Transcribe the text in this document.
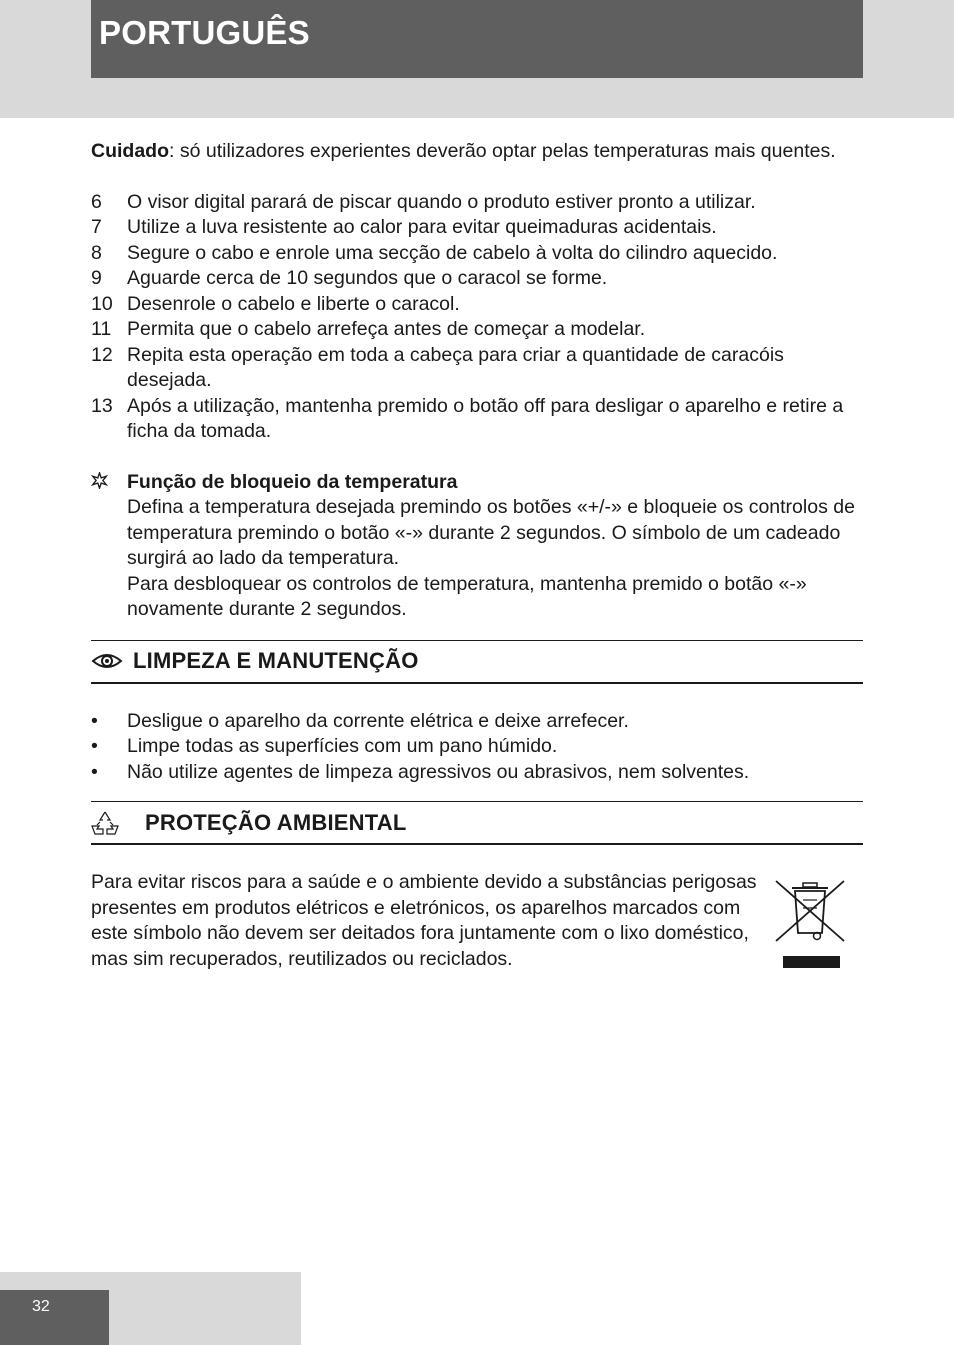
PORTUGUÊS

Cuidado: só utilizadores experientes deverão optar pelas temperaturas mais quentes.

6	O visor digital parará de piscar quando o produto estiver pronto a utilizar.
7	Utilize a luva resistente ao calor para evitar queimaduras acidentais.
8	Segure o cabo e enrole uma secção de cabelo à volta do cilindro aquecido.
9	Aguarde cerca de 10 segundos que o caracol se forme.
10 Desenrole o cabelo e liberte o caracol.
11 Permita que o cabelo arrefeça antes de começar a modelar.
12 Repita esta operação em toda a cabeça para criar a quantidade de caracóis desejada.
13 Após a utilização, mantenha premido o botão off para desligar o aparelho e retire a ficha da tomada.
Função de bloqueio da temperatura
Defina a temperatura desejada premindo os botões «+/-» e bloqueie os controlos de temperatura premindo o botão «-» durante 2 segundos. O símbolo de um cadeado surgirá ao lado da temperatura.
Para desbloquear os controlos de temperatura, mantenha premido o botão «-» novamente durante 2 segundos.
LIMPEZA E MANUTENÇÃO
•	Desligue o aparelho da corrente elétrica e deixe arrefecer.
•	Limpe todas as superfícies com um pano húmido.
•	Não utilize agentes de limpeza agressivos ou abrasivos, nem solventes.
PROTEÇÃO AMBIENTAL
Para evitar riscos para a saúde e o ambiente devido a substâncias perigosas presentes em produtos elétricos e eletrónicos, os aparelhos marcados com este símbolo não devem ser deitados fora juntamente com o lixo doméstico, mas sim recuperados, reutilizados ou reciclados.
32
